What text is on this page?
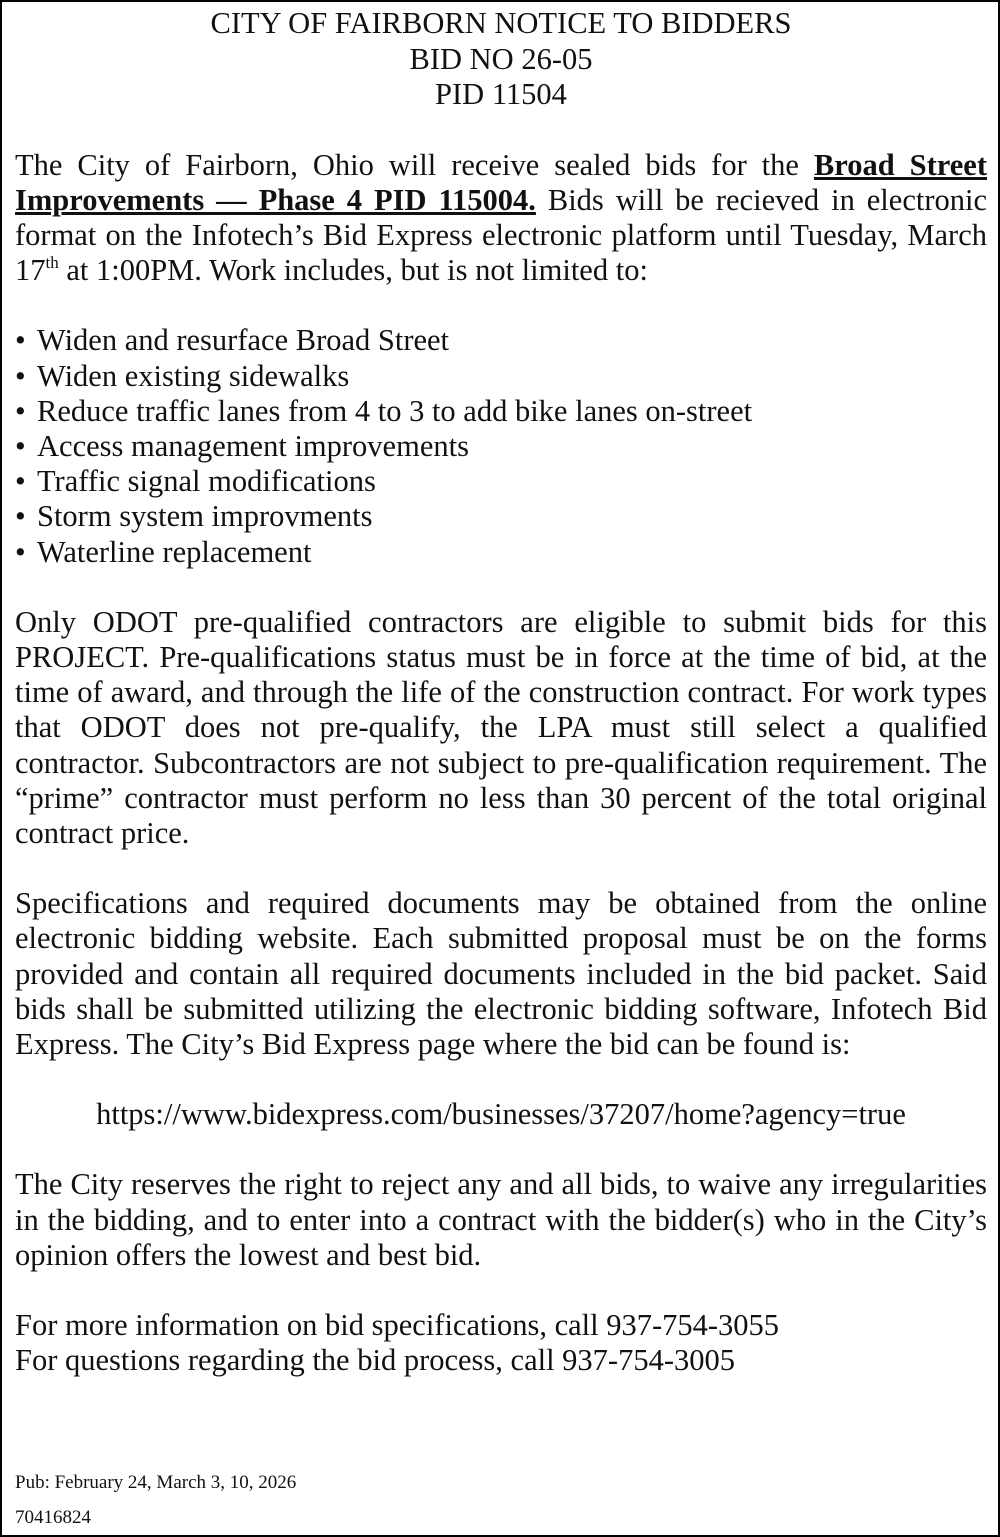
CITY OF FAIRBORN NOTICE TO BIDDERS
BID NO 26-05
PID 11504

The City of Fairborn, Ohio will receive sealed bids for the Broad Street Improvements — Phase 4 PID 115004. Bids will be recieved in electronic format on the Infotech’s Bid Express electronic platform until Tuesday, March 17th at 1:00PM. Work includes, but is not limited to:

• Widen and resurface Broad Street
• Widen existing sidewalks
• Reduce traffic lanes from 4 to 3 to add bike lanes on-street
• Access management improvements
• Traffic signal modifications
• Storm system improvments
• Waterline replacement

Only ODOT pre-qualified contractors are eligible to submit bids for this PROJECT. Pre-qualifications status must be in force at the time of bid, at the time of award, and through the life of the construction contract. For work types that ODOT does not pre-qualify, the LPA must still select a qualified contractor. Subcontractors are not subject to pre-qualification requirement. The “prime” contractor must perform no less than 30 percent of the total original contract price.

Specifications and required documents may be obtained from the online electronic bidding website. Each submitted proposal must be on the forms provided and contain all required documents included in the bid packet. Said bids shall be submitted utilizing the electronic bidding software, Infotech Bid Express. The City’s Bid Express page where the bid can be found is:

https://www.bidexpress.com/businesses/37207/home?agency=true

The City reserves the right to reject any and all bids, to waive any irregularities in the bidding, and to enter into a contract with the bidder(s) who in the City’s opinion offers the lowest and best bid.

For more information on bid specifications, call 937-754-3055
For questions regarding the bid process, call 937-754-3005

Pub: February 24, March 3, 10, 2026

70416824
